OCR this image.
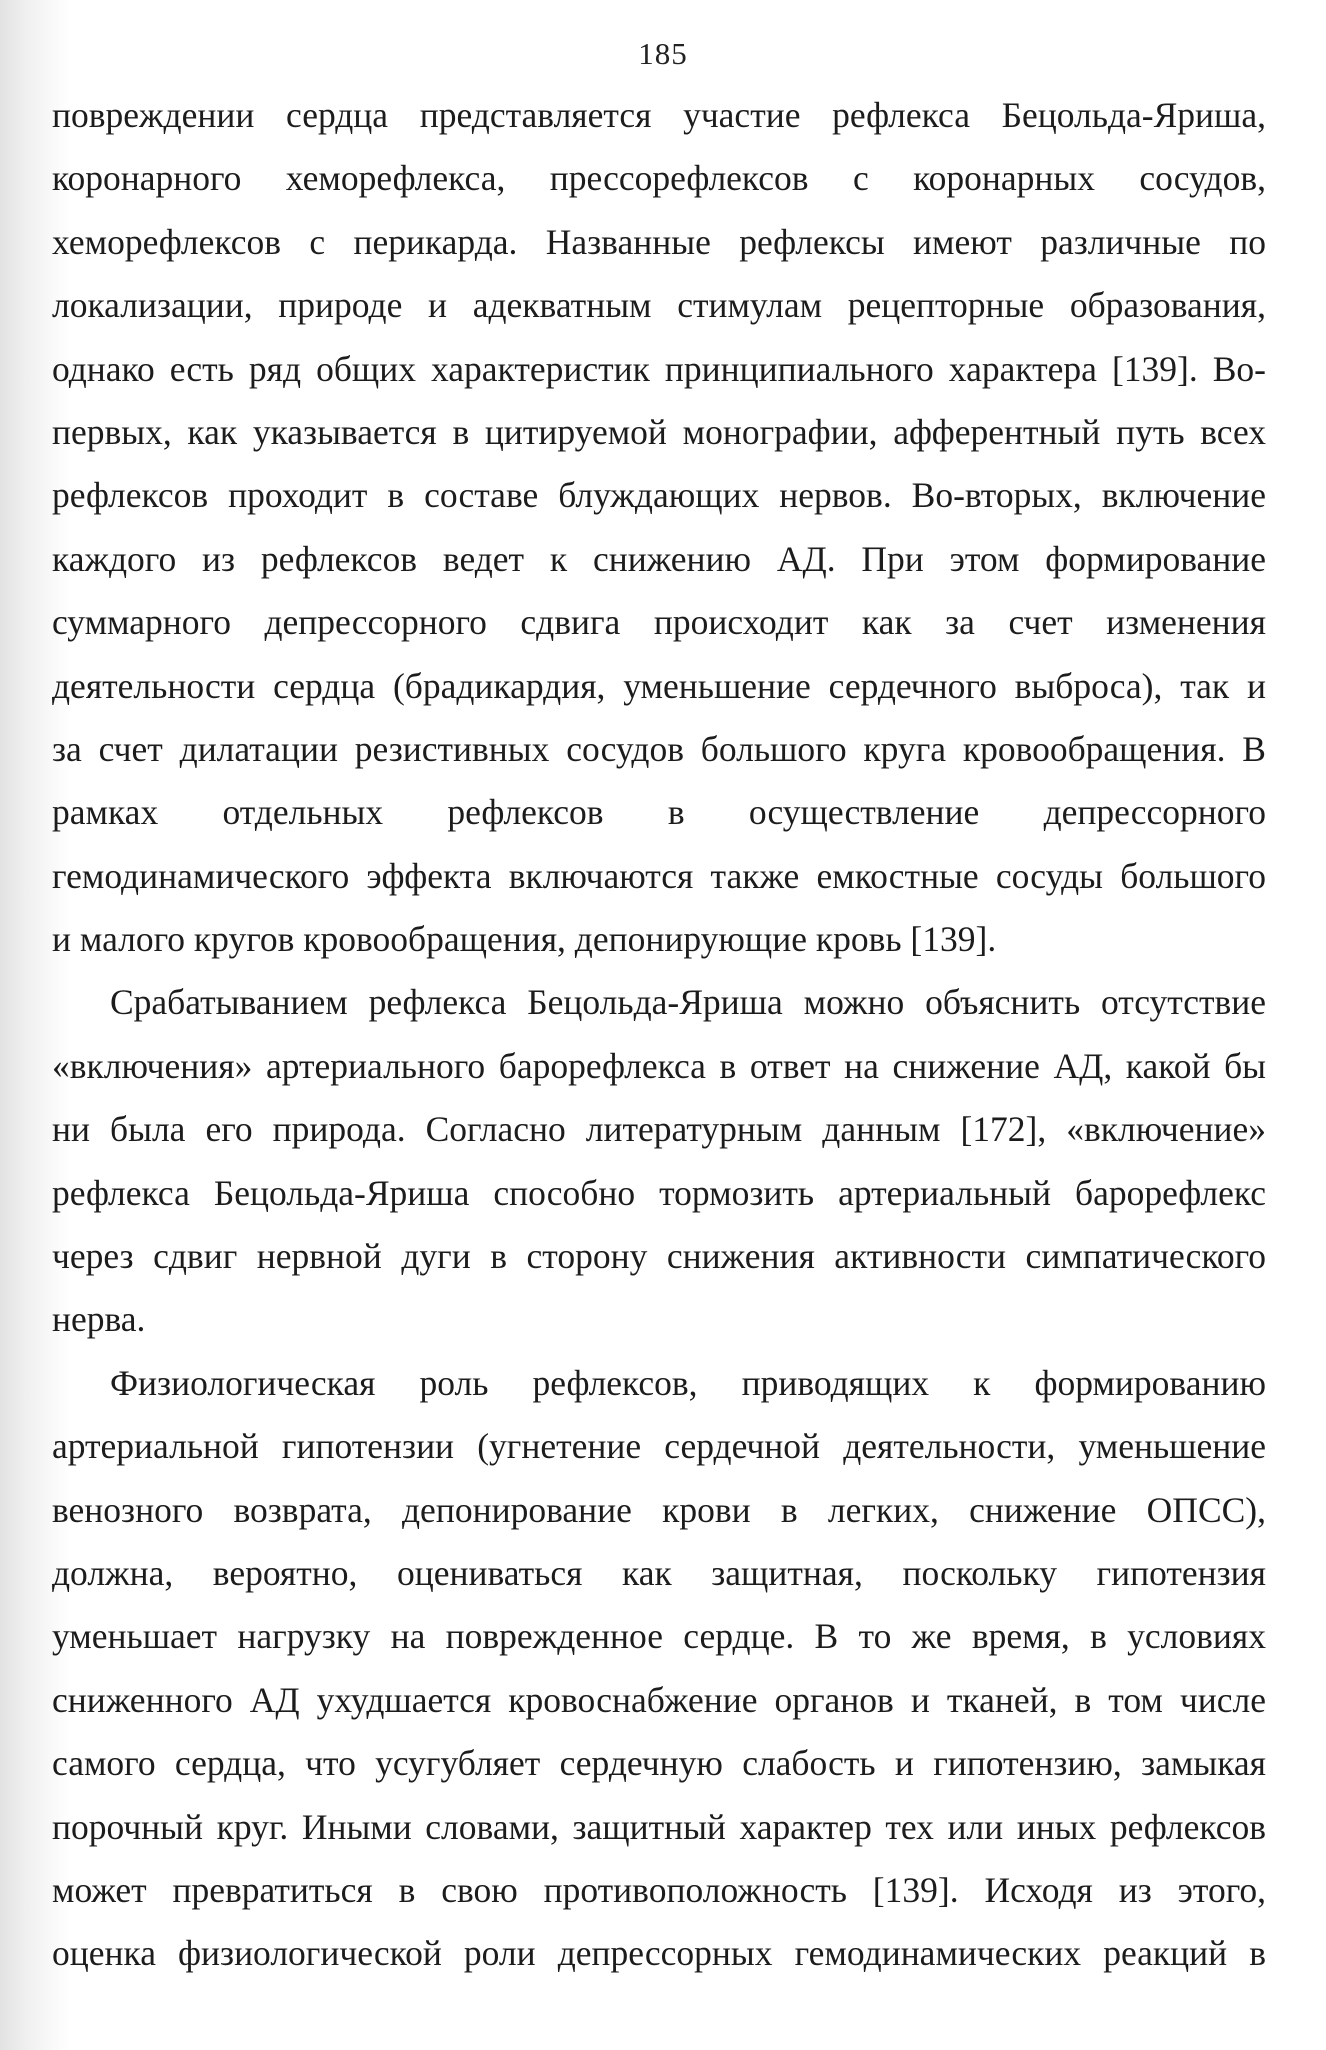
185
повреждении сердца представляется участие рефлекса Бецольда-Яриша,
коронарного хеморефлекса, прессорефлексов с коронарных сосудов,
хеморефлексов с перикарда. Названные рефлексы имеют различные по
локализации, природе и адекватным стимулам рецепторные образования,
однако есть ряд общих характеристик принципиального характера [139]. Во-
первых, как указывается в цитируемой монографии, афферентный путь всех
рефлексов проходит в составе блуждающих нервов. Во-вторых, включение
каждого из рефлексов ведет к снижению АД. При этом формирование
суммарного депрессорного сдвига происходит как за счет изменения
деятельности сердца (брадикардия, уменьшение сердечного выброса), так и
за счет дилатации резистивных сосудов большого круга кровообращения. В
рамках отдельных рефлексов в осуществление депрессорного
гемодинамического эффекта включаются также емкостные сосуды большого
и малого кругов кровообращения, депонирующие кровь [139].
Срабатыванием рефлекса Бецольда-Яриша можно объяснить отсутствие
«включения» артериального барорефлекса в ответ на снижение АД, какой бы
ни была его природа. Согласно литературным данным [172], «включение»
рефлекса Бецольда-Яриша способно тормозить артериальный барорефлекс
через сдвиг нервной дуги в сторону снижения активности симпатического
нерва.
Физиологическая роль рефлексов, приводящих к формированию
артериальной гипотензии (угнетение сердечной деятельности, уменьшение
венозного возврата, депонирование крови в легких, снижение ОПСС),
должна, вероятно, оцениваться как защитная, поскольку гипотензия
уменьшает нагрузку на поврежденное сердце. В то же время, в условиях
сниженного АД ухудшается кровоснабжение органов и тканей, в том числе
самого сердца, что усугубляет сердечную слабость и гипотензию, замыкая
порочный круг. Иными словами, защитный характер тех или иных рефлексов
может превратиться в свою противоположность [139]. Исходя из этого,
оценка физиологической роли депрессорных гемодинамических реакций в
